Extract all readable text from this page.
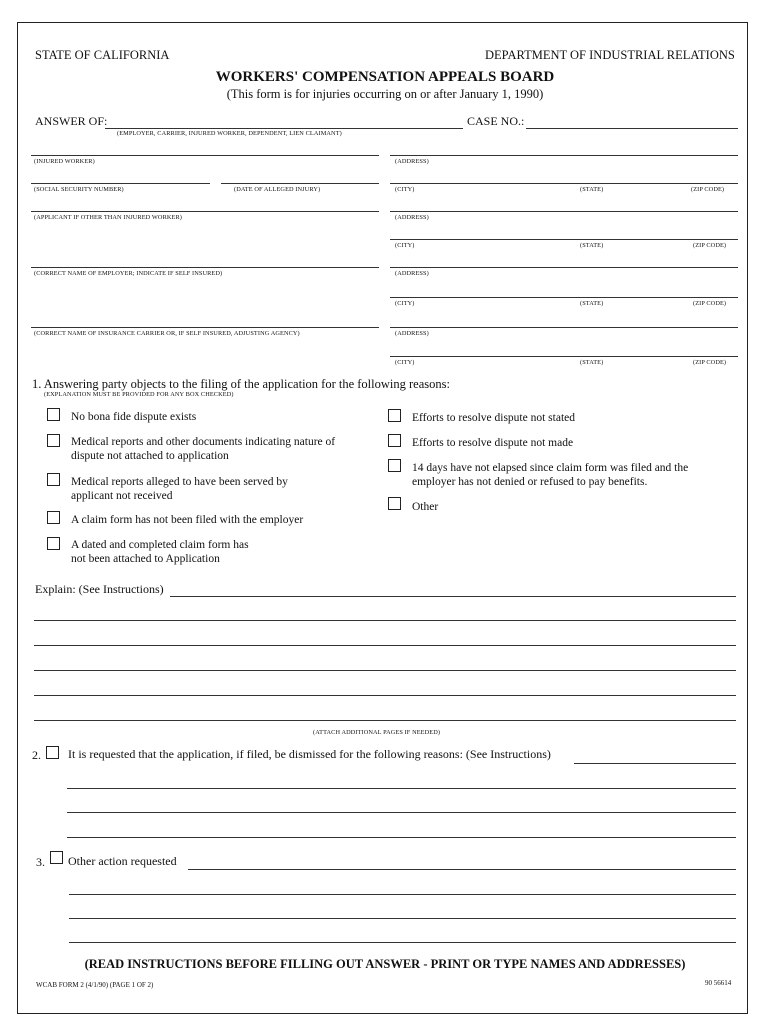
STATE OF CALIFORNIA	DEPARTMENT OF INDUSTRIAL RELATIONS
WORKERS' COMPENSATION APPEALS BOARD
(This form is for injuries occurring on or after January 1, 1990)
ANSWER OF:
(EMPLOYER, CARRIER, INJURED WORKER, DEPENDENT, LIEN CLAIMANT)
CASE NO.:
(INJURED WORKER)	(ADDRESS)
(SOCIAL SECURITY NUMBER)	(DATE OF ALLEGED INJURY)	(CITY)	(STATE)	(ZIP CODE)
(APPLICANT IF OTHER THAN INJURED WORKER)	(ADDRESS)
(CITY)	(STATE)	(ZIP CODE)
(CORRECT NAME OF EMPLOYER; INDICATE IF SELF INSURED)	(ADDRESS)
(CITY)	(STATE)	(ZIP CODE)
(CORRECT NAME OF INSURANCE CARRIER OR, IF SELF INSURED, ADJUSTING AGENCY)	(ADDRESS)
(CITY)	(STATE)	(ZIP CODE)
1. Answering party objects to the filing of the application for the following reasons:
(EXPLANATION MUST BE PROVIDED FOR ANY BOX CHECKED)
No bona fide dispute exists
Medical reports and other documents indicating nature of dispute not attached to application
Medical reports alleged to have been served by applicant not received
A claim form has not been filed with the employer
A dated and completed claim form has not been attached to Application
Efforts to resolve dispute not stated
Efforts to resolve dispute not made
14 days have not elapsed since claim form was filed and the employer has not denied or refused to pay benefits.
Other
Explain: (See Instructions)
(ATTACH ADDITIONAL PAGES IF NEEDED)
2. It is requested that the application, if filed, be dismissed for the following reasons: (See Instructions)
3. Other action requested
(READ INSTRUCTIONS BEFORE FILLING OUT ANSWER - PRINT OR TYPE NAMES AND ADDRESSES)
WCAB FORM 2 (4/1/90) (PAGE 1 OF 2)	90 56614
